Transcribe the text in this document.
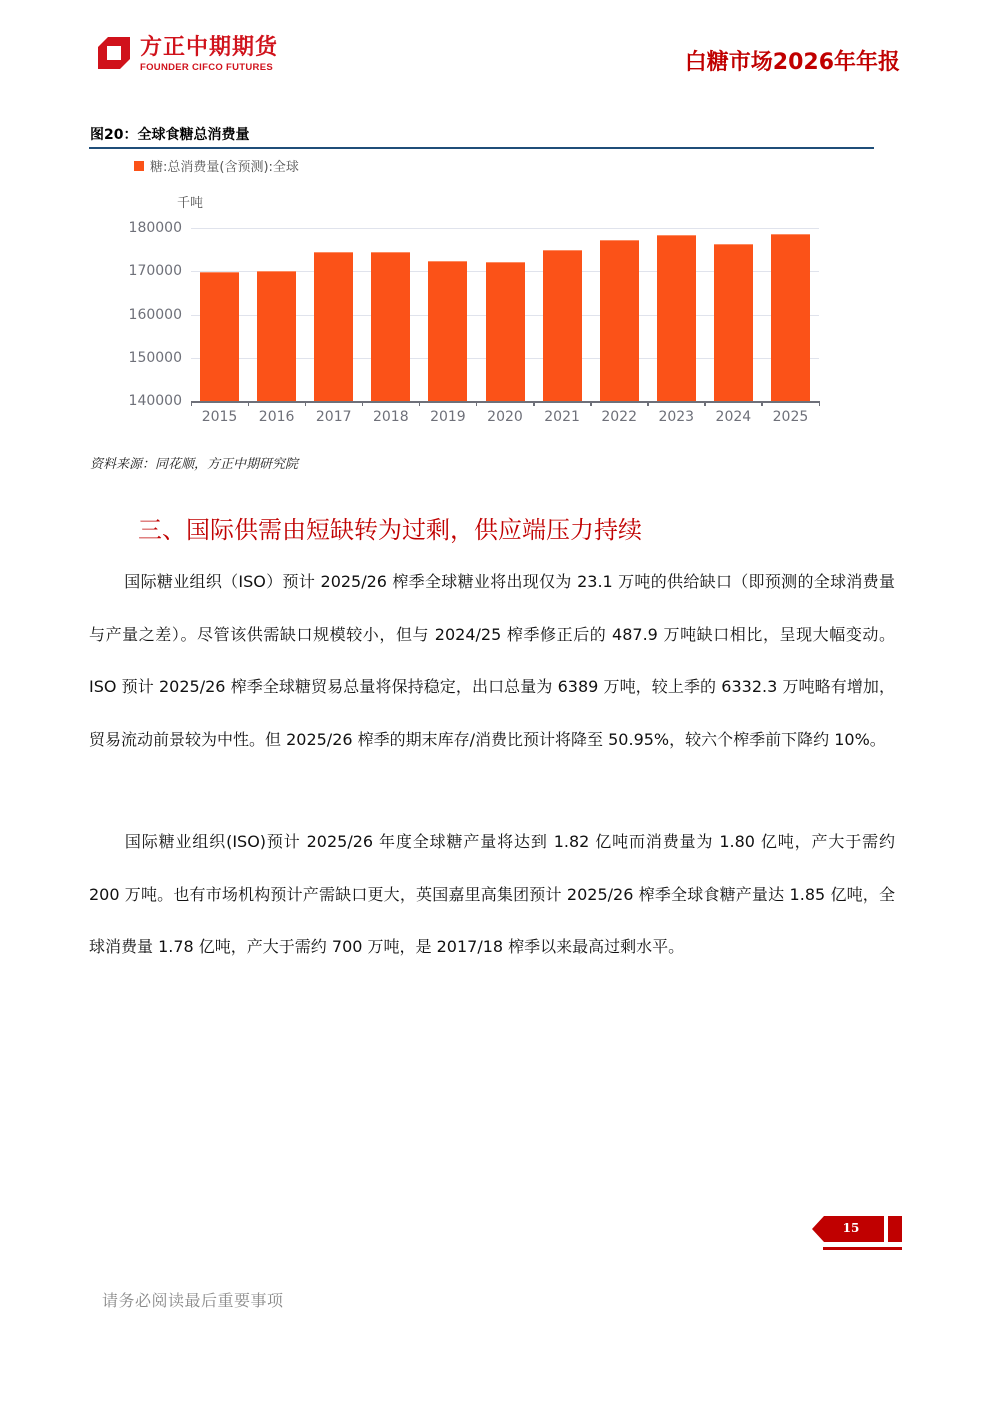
方正中期期货
FOUNDER CIFCO FUTURES	白糖市场2026年年报
图20：全球食糖总消费量
糖:总消费量(含预测):全球
千吨
180000
170000
160000
150000
140000
2015	2016	2017	2018	2019	2020	2021	2022	2023	2024	2025
资料来源：同花顺，方正中期研究院
三、国际供需由短缺转为过剩，供应端压力持续
国际糖业组织（ISO）预计 2025/26 榨季全球糖业将出现仅为 23.1 万吨的供给缺口（即预测的全球消费量与产量之差）。尽管该供需缺口规模较小，但与 2024/25 榨季修正后的 487.9 万吨缺口相比，呈现大幅变动。ISO 预计 2025/26 榨季全球糖贸易总量将保持稳定，出口总量为 6389 万吨，较上季的 6332.3 万吨略有增加，贸易流动前景较为中性。但 2025/26 榨季的期末库存/消费比预计将降至 50.95%，较六个榨季前下降约 10%。
国际糖业组织(ISO)预计 2025/26 年度全球糖产量将达到 1.82 亿吨而消费量为 1.80 亿吨，产大于需约 200 万吨。也有市场机构预计产需缺口更大，英国嘉里高集团预计 2025/26 榨季全球食糖产量达 1.85 亿吨，全球消费量 1.78 亿吨，产大于需约 700 万吨，是 2017/18 榨季以来最高过剩水平。
15
请务必阅读最后重要事项
